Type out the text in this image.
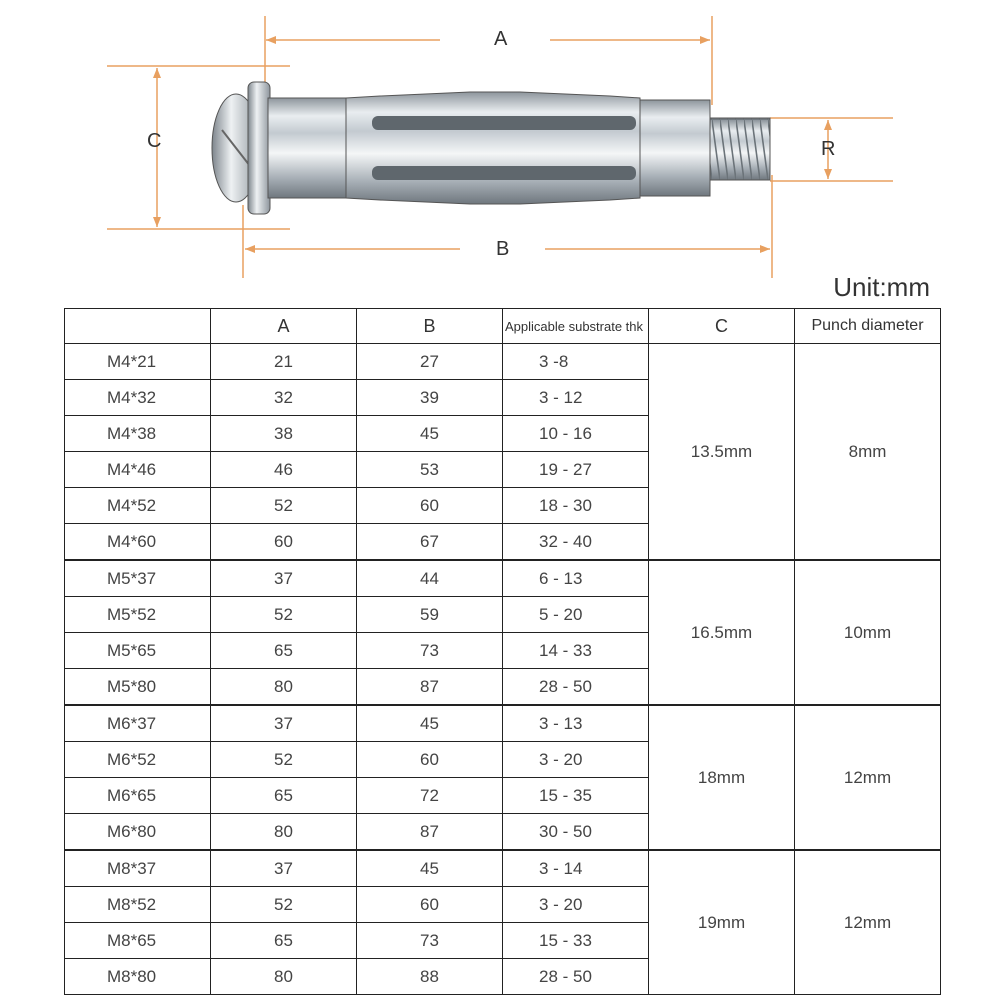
A
B
C	R
Unit:mm
	A	B	Applicable substrate thk	C	Punch diameter
M4*21	21	27	3 -8	13.5mm	8mm
M4*32	32	39	3 - 12		
M4*38	38	45	10 - 16		
M4*46	46	53	19 - 27		
M4*52	52	60	18 - 30		
M4*60	60	67	32 - 40		
M5*37	37	44	6 - 13	16.5mm	10mm
M5*52	52	59	5 - 20		
M5*65	65	73	14 - 33		
M5*80	80	87	28 - 50		
M6*37	37	45	3 - 13	18mm	12mm
M6*52	52	60	3 - 20		
M6*65	65	72	15 - 35		
M6*80	80	87	30 - 50		
M8*37	37	45	3 - 14	19mm	12mm
M8*52	52	60	3 - 20		
M8*65	65	73	15 - 33		
M8*80	80	88	28 - 50		
